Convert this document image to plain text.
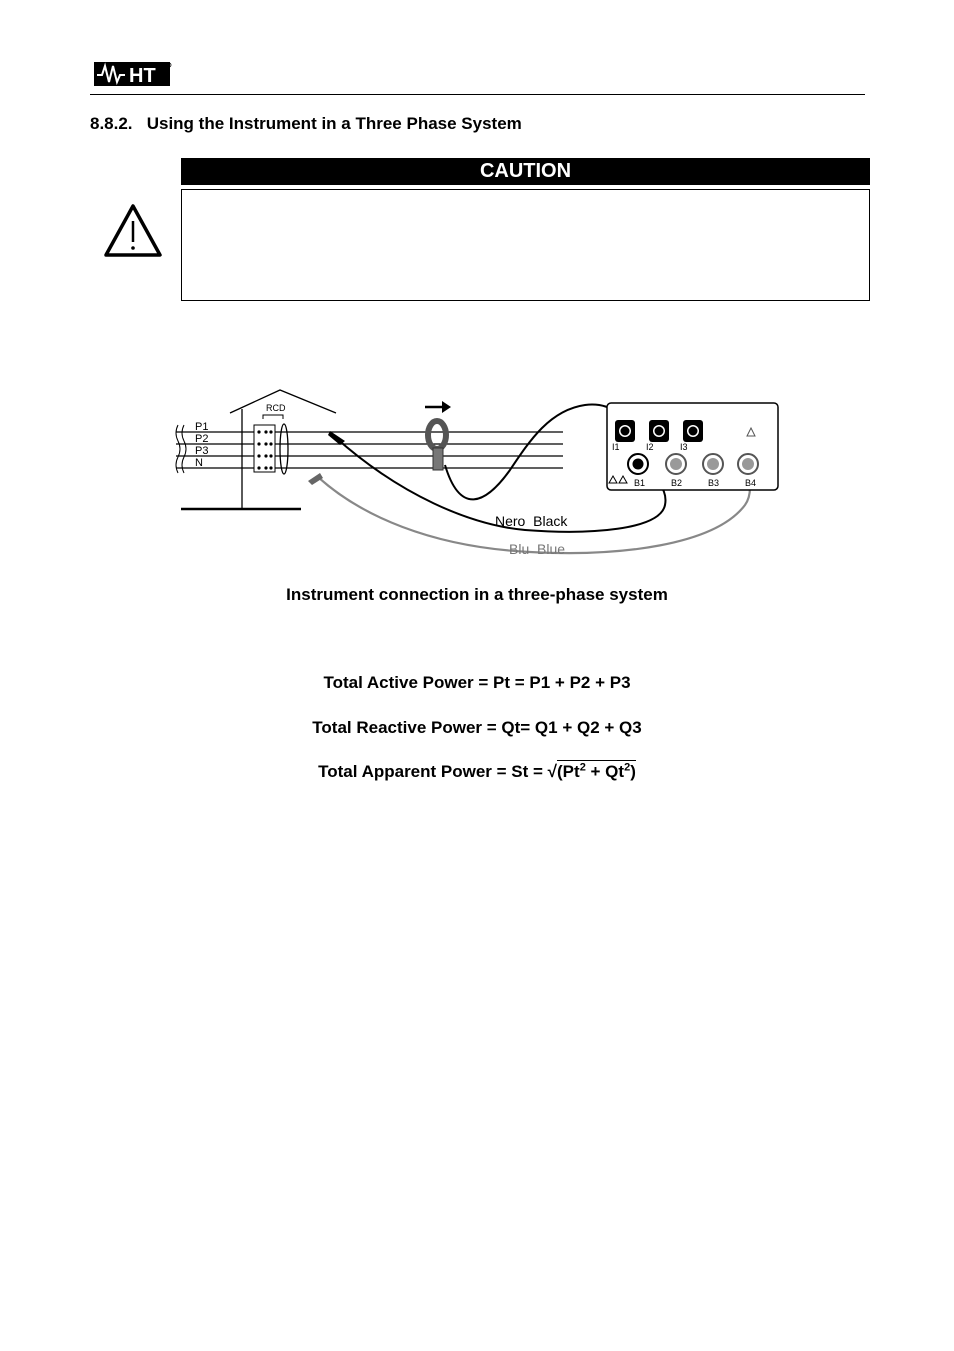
HT
8.8.2. Using the Instrument in a Three Phase System
CAUTION
P1
P2
P3
N
RCD
I1	I2	I3
B1	B2	B3	B4
Nero  Black
Blu  Blue
Instrument connection in a three-phase system
Total Active Power = Pt = P1 + P2 + P3
Total Reactive Power = Qt= Q1 + Q2 + Q3
Total Apparent Power = $St = √(Pt^2 + Qt^2)$
